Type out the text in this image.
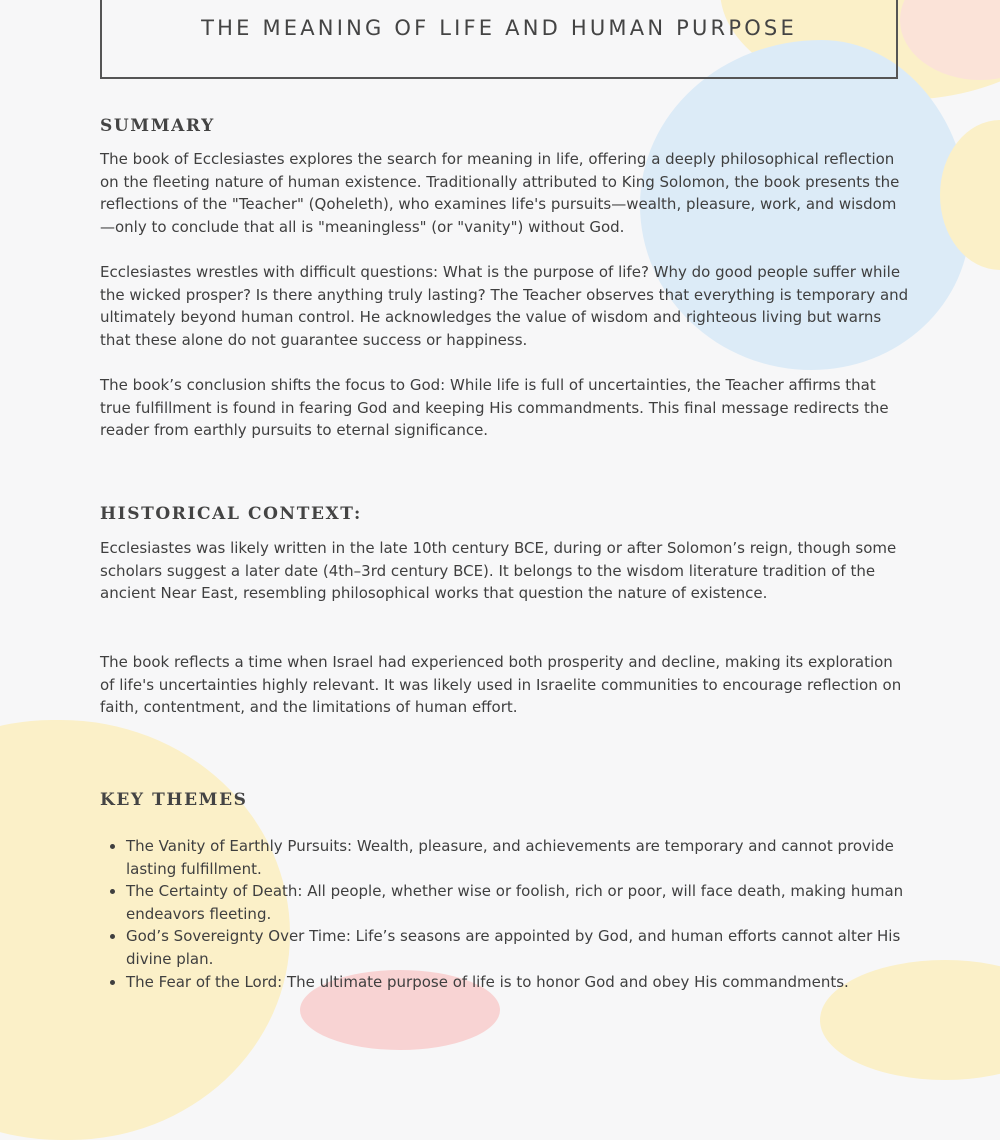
THE MEANING OF LIFE AND HUMAN PURPOSE
SUMMARY

The book of Ecclesiastes explores the search for meaning in life, offering a deeply philosophical reflection on the fleeting nature of human existence. Traditionally attributed to King Solomon, the book presents the reflections of the "Teacher" (Qoheleth), who examines life's pursuits—wealth, pleasure, work, and wisdom—only to conclude that all is "meaningless" (or "vanity") without God.

Ecclesiastes wrestles with difficult questions: What is the purpose of life? Why do good people suffer while the wicked prosper? Is there anything truly lasting? The Teacher observes that everything is temporary and ultimately beyond human control. He acknowledges the value of wisdom and righteous living but warns that these alone do not guarantee success or happiness.

The book’s conclusion shifts the focus to God: While life is full of uncertainties, the Teacher affirms that true fulfillment is found in fearing God and keeping His commandments. This final message redirects the reader from earthly pursuits to eternal significance.

HISTORICAL CONTEXT:

Ecclesiastes was likely written in the late 10th century BCE, during or after Solomon’s reign, though some scholars suggest a later date (4th–3rd century BCE). It belongs to the wisdom literature tradition of the ancient Near East, resembling philosophical works that question the nature of existence.

The book reflects a time when Israel had experienced both prosperity and decline, making its exploration of life's uncertainties highly relevant. It was likely used in Israelite communities to encourage reflection on faith, contentment, and the limitations of human effort.

KEY THEMES
• The Vanity of Earthly Pursuits: Wealth, pleasure, and achievements are temporary and cannot provide lasting fulfillment.
• The Certainty of Death: All people, whether wise or foolish, rich or poor, will face death, making human endeavors fleeting.
• God’s Sovereignty Over Time: Life’s seasons are appointed by God, and human efforts cannot alter His divine plan.
• The Fear of the Lord: The ultimate purpose of life is to honor God and obey His commandments.
